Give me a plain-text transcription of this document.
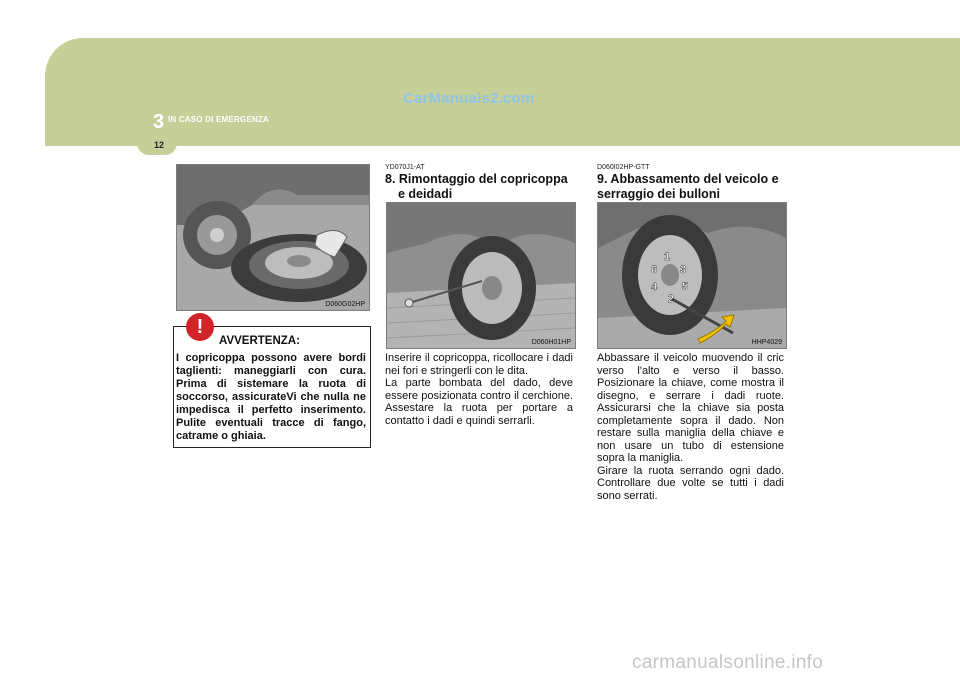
CarManuals2.com
3 IN CASO DI EMERGENZA
12
D060G02HP
!
AVVERTENZA:
I copricoppa possono avere bordi taglienti: maneggiarli con cura. Prima di sistemare la ruota di soccorso, assicurateVi che nulla ne impedisca il perfetto inserimento. Pulite eventuali tracce di fango, catrame o ghiaia.
YD070J1-AT
8. Rimontaggio del copricoppa
e deidadi
D060H01HP

Inserire il copricoppa, ricollocare i dadi nei fori e stringerli con le dita.

La parte bombata del dado, deve essere posizionata contro il cerchione. Assestare la ruota per portare a contatto i dadi e quindi serrarli.

D060I02HP-GTT
9. Abbassamento del veicolo e
serraggio dei bulloni
1
3
5
2
4
6
HHP4029

Abbassare il veicolo muovendo il cric verso l'alto e verso il basso. Posizionare la chiave, come mostra il disegno, e serrare i dadi ruote. Assicurarsi che la chiave sia posta completamente sopra il dado. Non restare sulla maniglia della chiave e non usare un tubo di estensione sopra la maniglia.

Girare la ruota serrando ogni dado. Controllare due volte se tutti i dadi sono serrati.

carmanualsonline.info
